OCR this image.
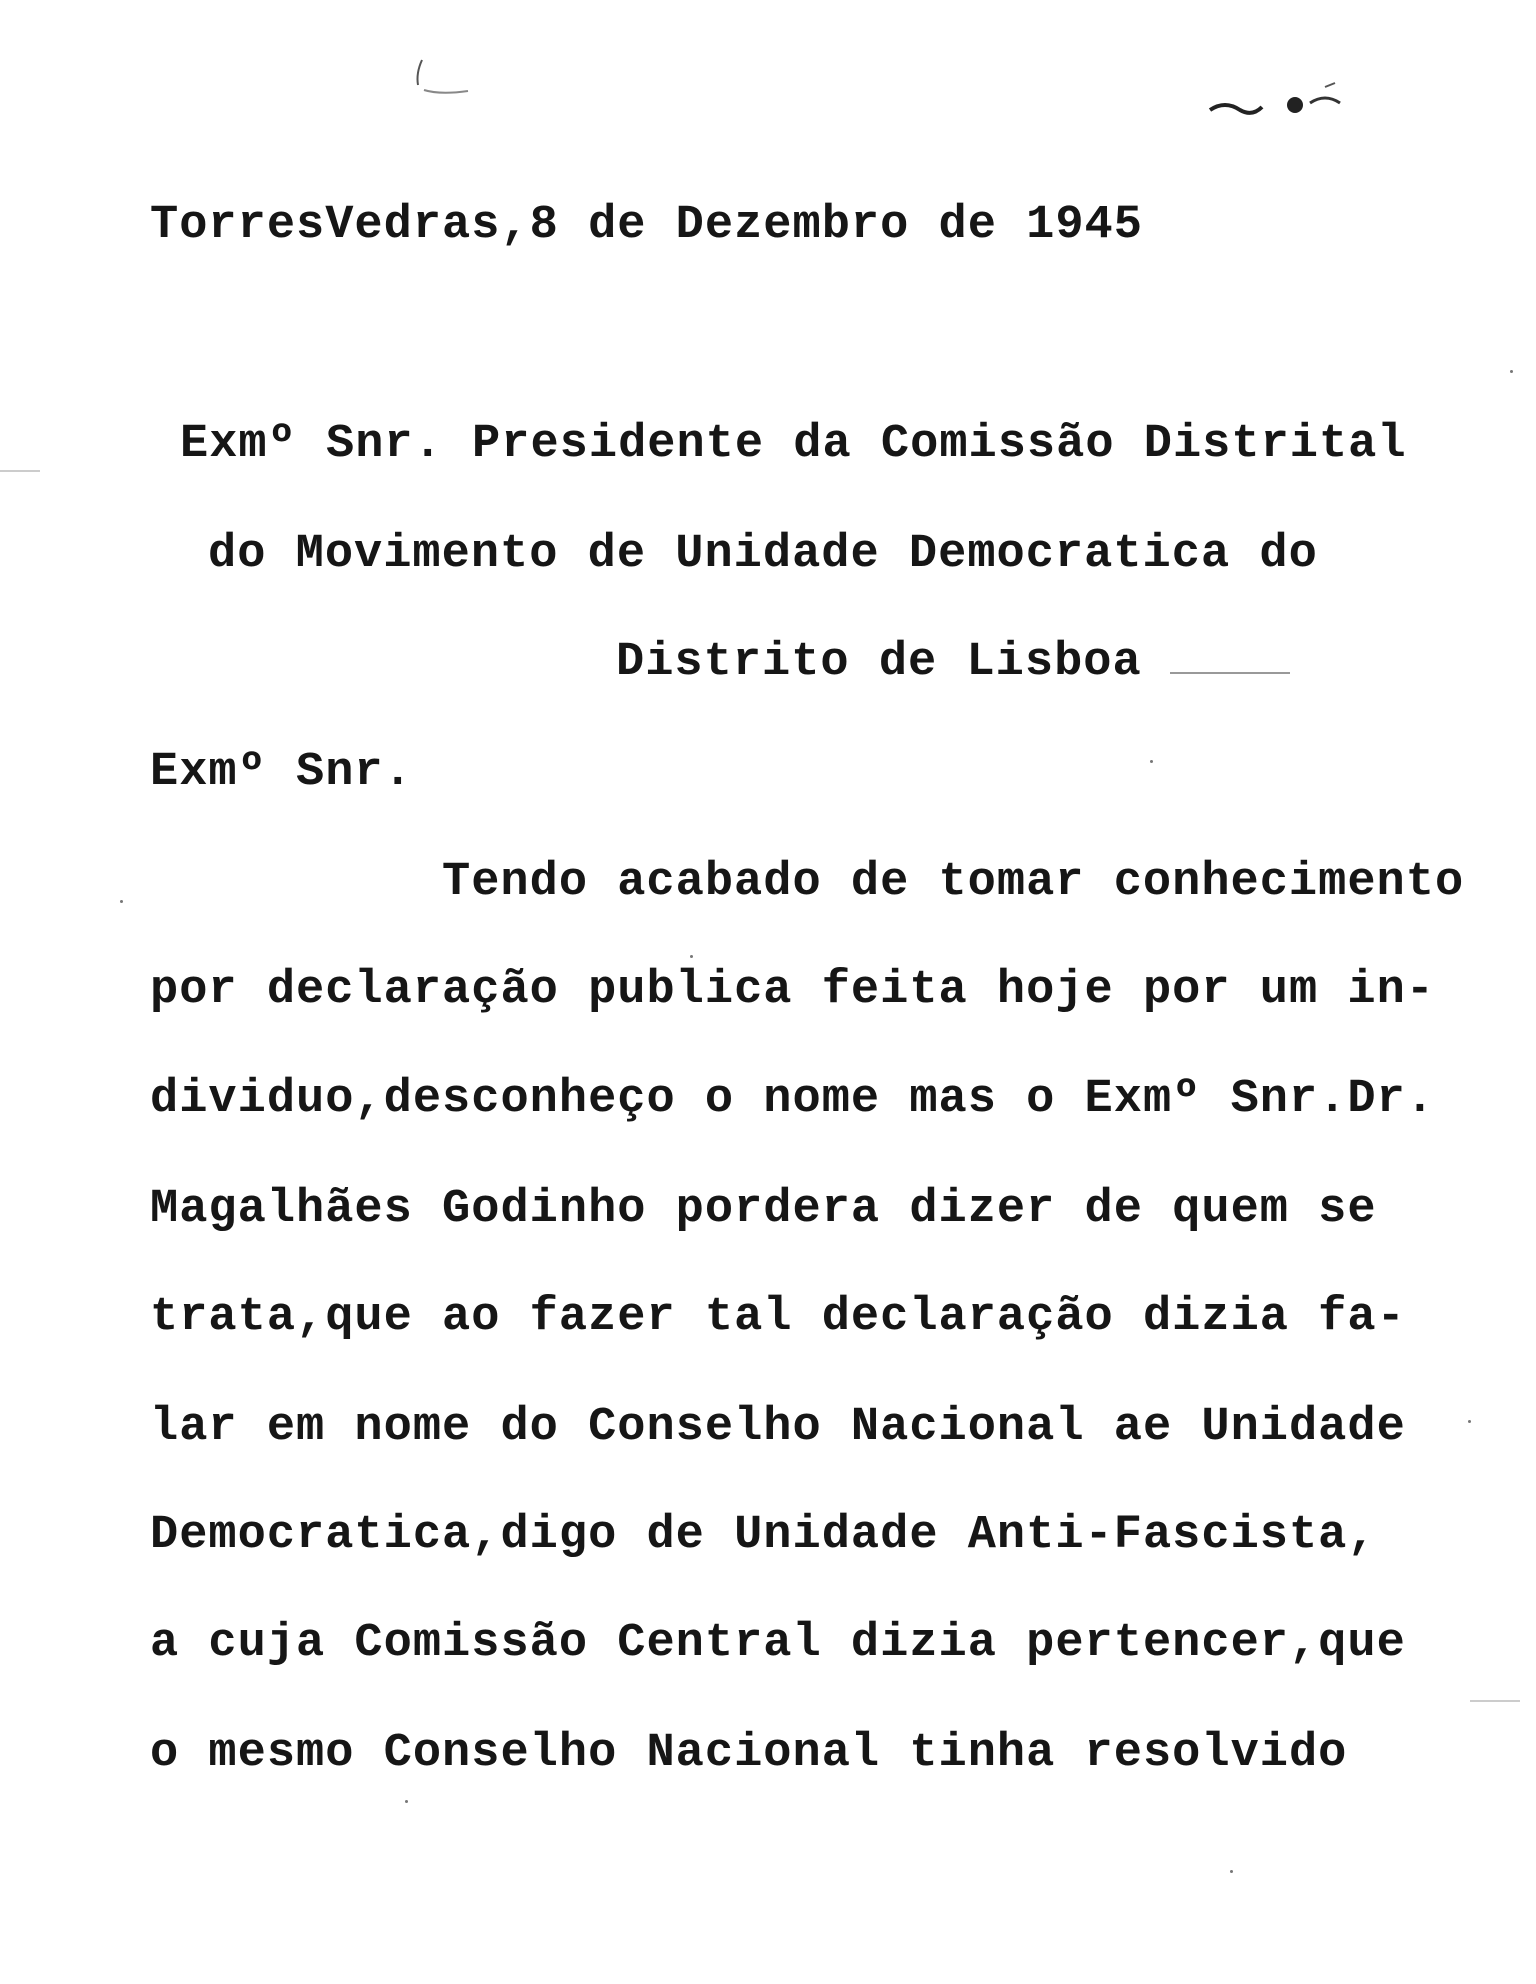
TorresVedras,8 de Dezembro de 1945
Exmº Snr. Presidente da Comissão Distrital
do Movimento de Unidade Democratica do
Distrito de Lisboa
Exmº Snr.
Tendo acabado de tomar conhecimento
por declaração publica feita hoje por um in-
dividuo,desconheço o nome mas o Exmº Snr.Dr.
Magalhães Godinho pordera dizer de quem se
trata,que ao fazer tal declaração dizia fa-
lar em nome do Conselho Nacional ae Unidade
Democratica,digo de Unidade Anti-Fascista,
a cuja Comissão Central dizia pertencer,que
o mesmo Conselho Nacional tinha resolvido
